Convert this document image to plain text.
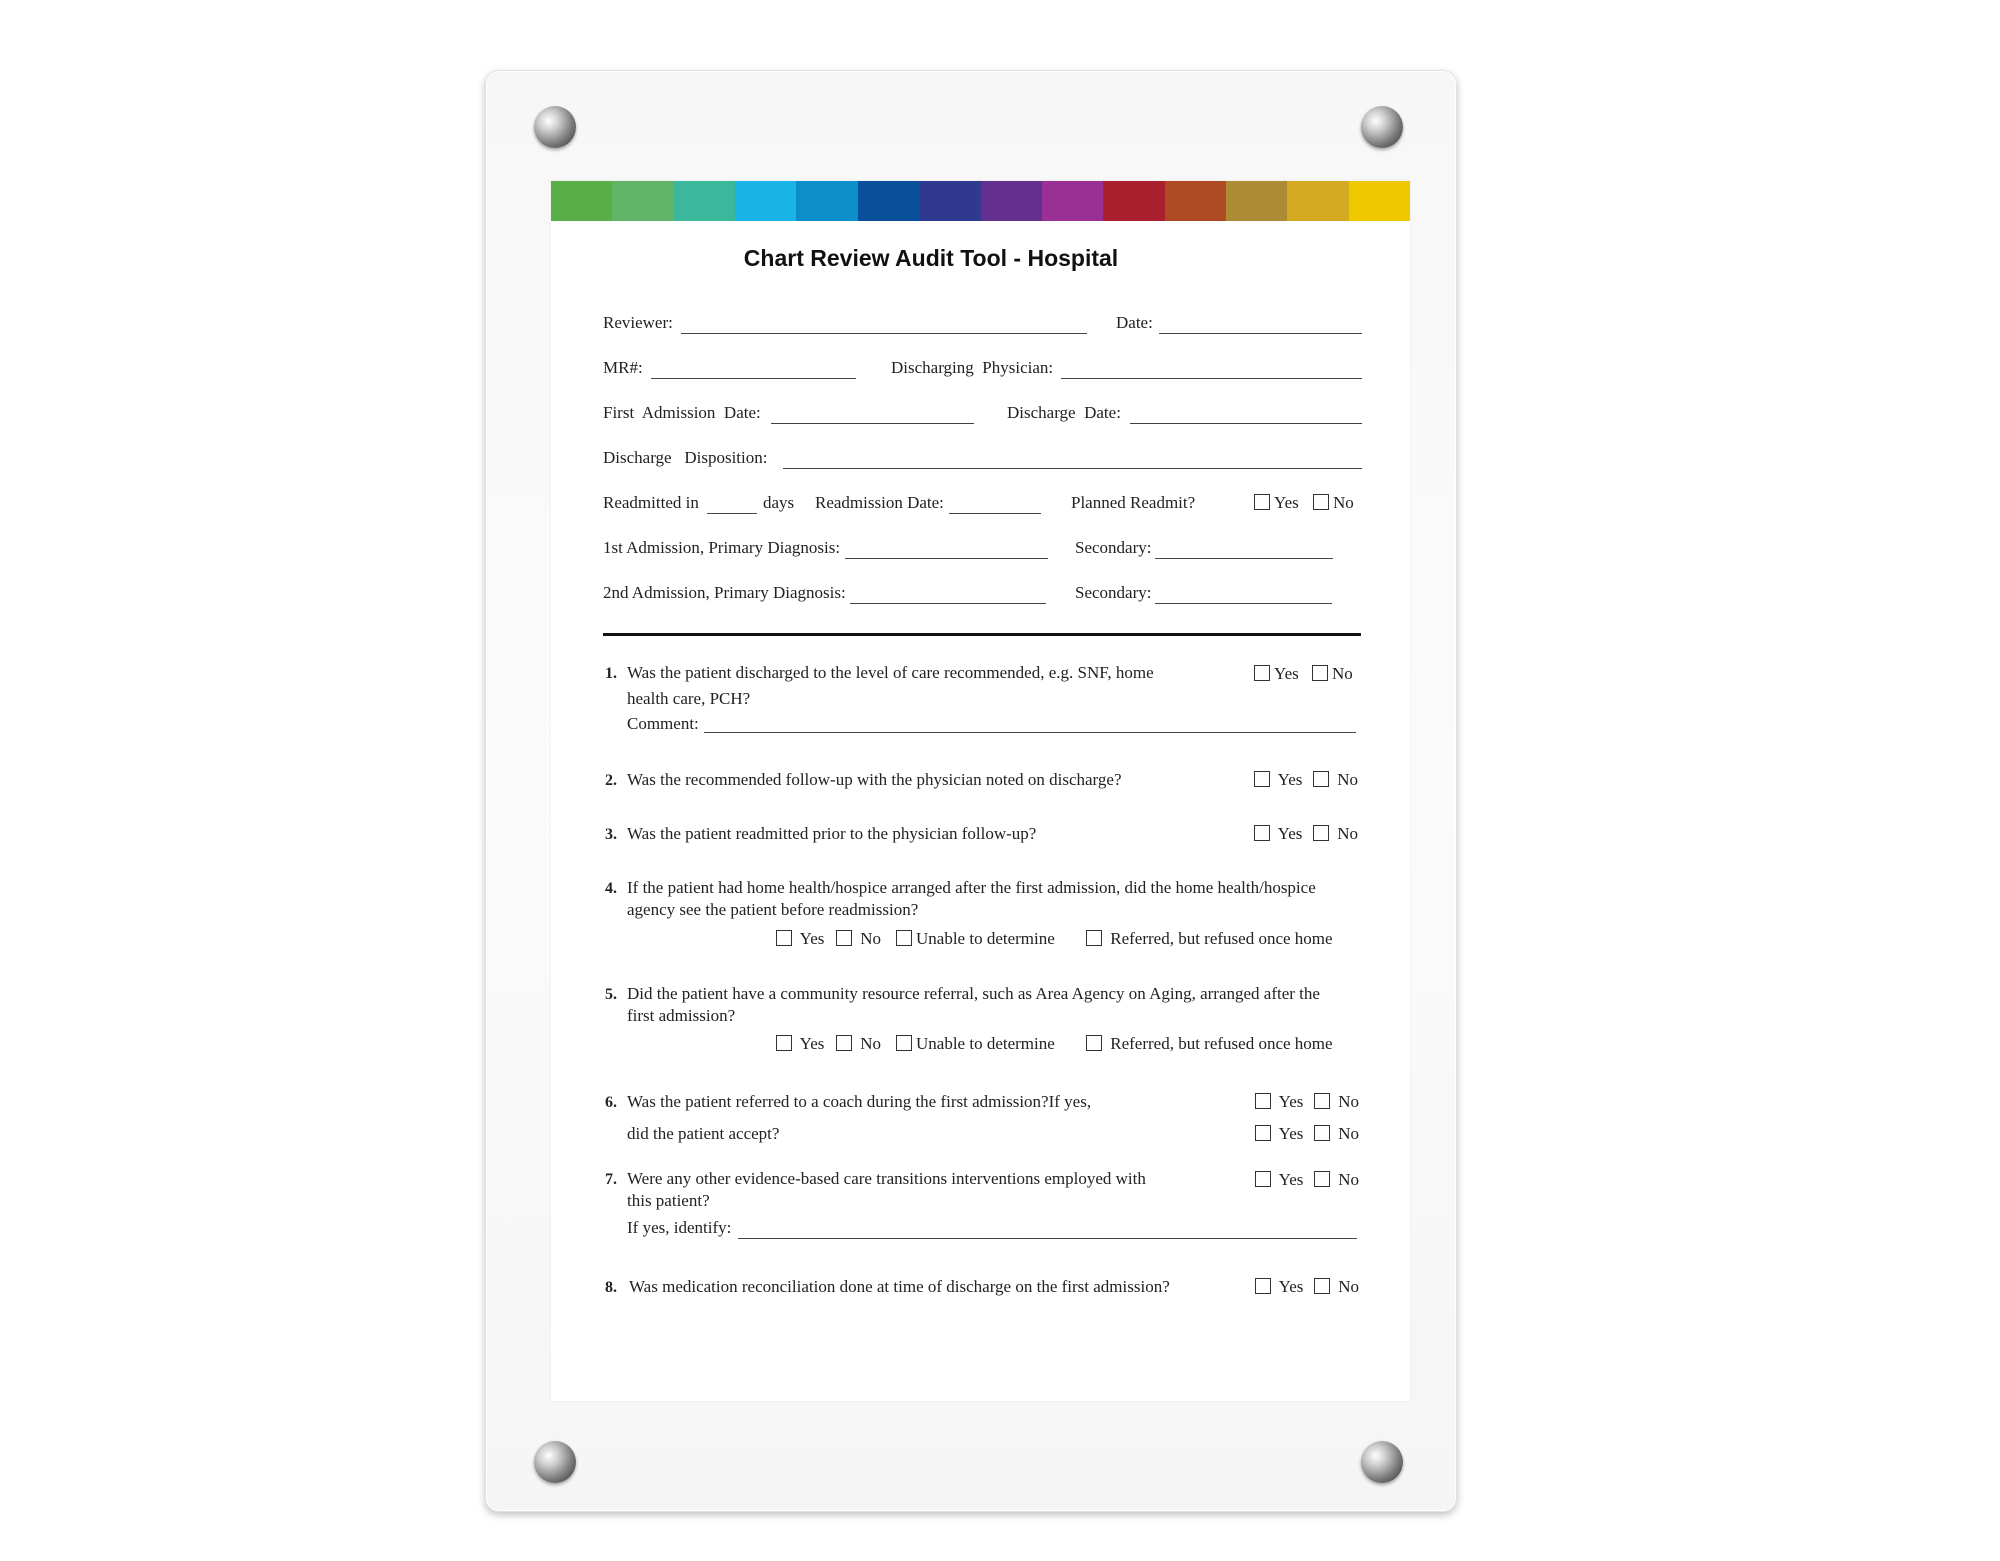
Chart Review Audit Tool - Hospital
Reviewer:	Date:
MR#:	Discharging  Physician:
First  Admission  Date:	Discharge  Date:
Discharge   Disposition:
Readmitted in	days Readmission Date:	Planned Readmit?	Yes	No
1st Admission, Primary Diagnosis:	Secondary:
2nd Admission, Primary Diagnosis:	Secondary:
1. Was the patient discharged to the level of care recommended, e.g. SNF, home
health care, PCH?
Comment:
Yes	No
2. Was the recommended follow-up with the physician noted on discharge?	Yes	No
3. Was the patient readmitted prior to the physician follow-up?	Yes	No
4. If the patient had home health/hospice arranged after the first admission, did the home health/hospice
agency see the patient before readmission?
Yes	No	Unable to determine	Referred, but refused once home
5. Did the patient have a community resource referral, such as Area Agency on Aging, arranged after the
first admission?
Yes	No	Unable to determine	Referred, but refused once home
6. Was the patient referred to a coach during the first admission?If yes,
did the patient accept?
Yes	No
Yes	No
7. Were any other evidence-based care transitions interventions employed with
this patient?
If yes, identify:
Yes	No
8. Was medication reconciliation done at time of discharge on the first admission?	Yes	No
